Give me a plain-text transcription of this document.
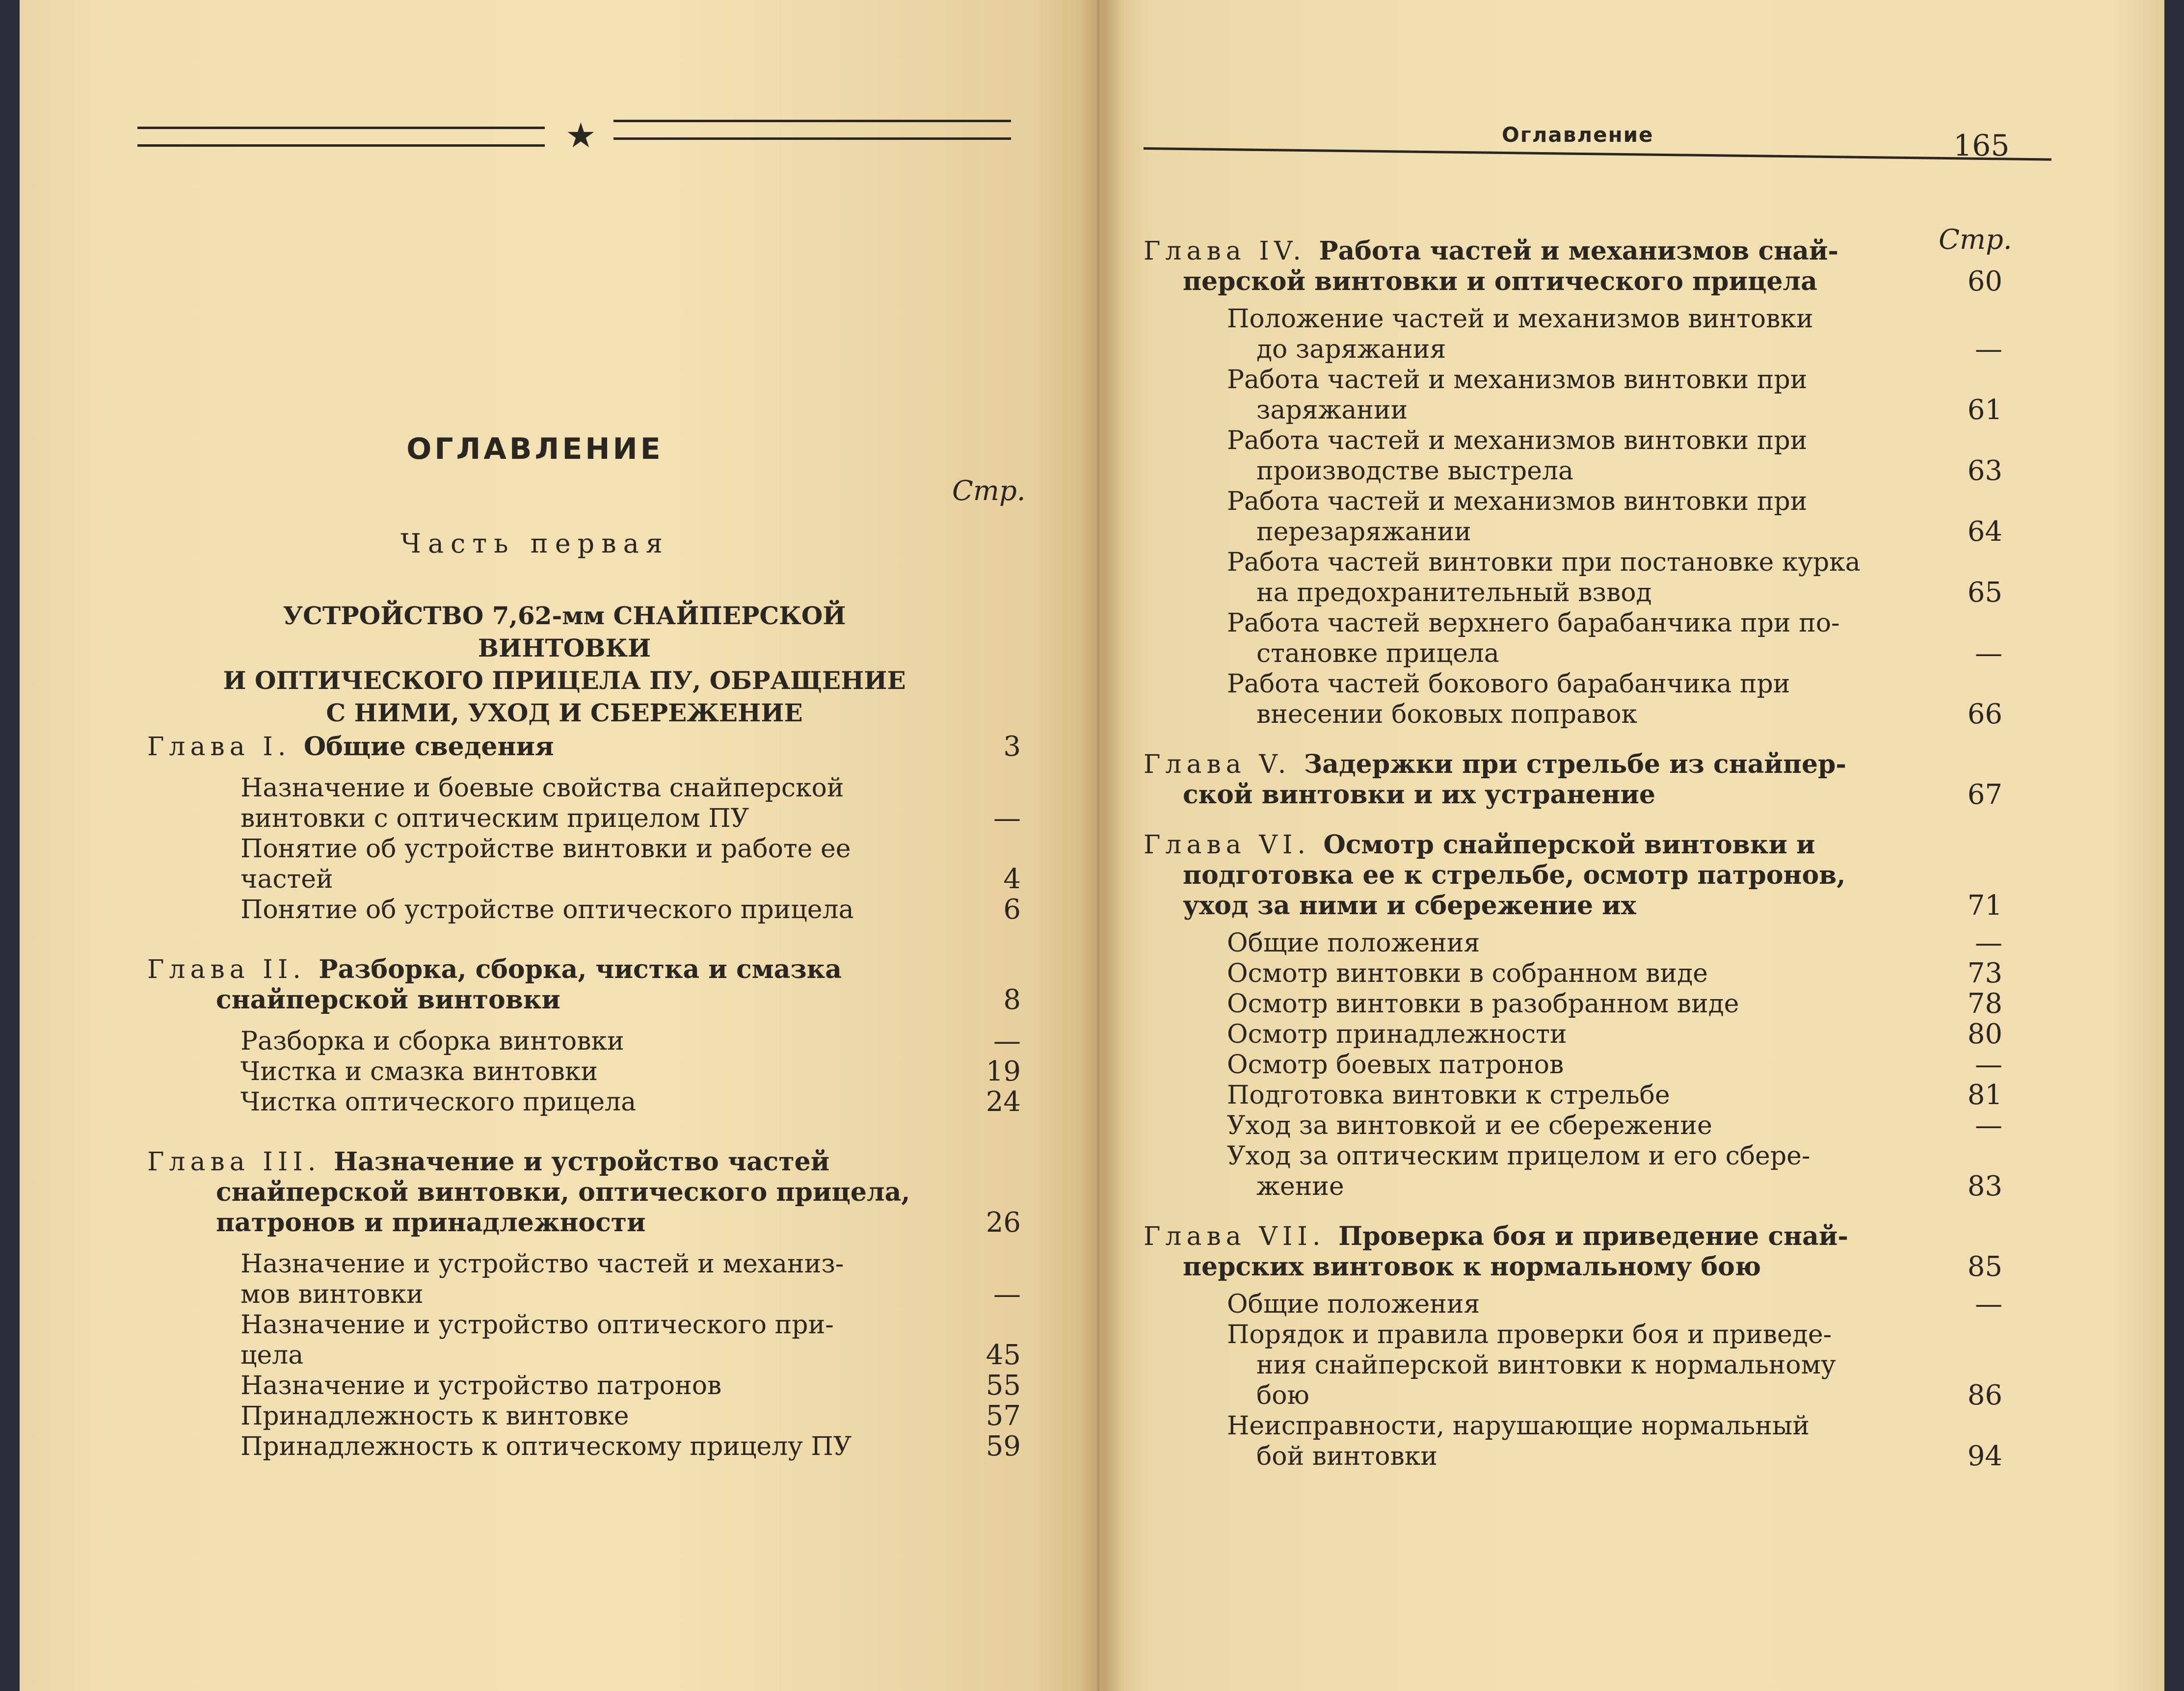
★
ОГЛАВЛЕНИЕ
Стр.
Часть первая
УСТРОЙСТВО 7,62-мм СНАЙПЕРСКОЙ ВИНТОВКИ
И ОПТИЧЕСКОГО ПРИЦЕЛА ПУ, ОБРАЩЕНИЕ
С НИМИ, УХОД И СБЕРЕЖЕНИЕ
Глава I. Общие сведения	3
Назначение и боевые свойства снайперской
винтовки с оптическим прицелом ПУ	—
Понятие об устройстве винтовки и работе ее
частей	4
Понятие об устройстве оптического прицела	6
Глава II. Разборка, сборка, чистка и смазка
снайперской винтовки	8
Разборка и сборка винтовки	—
Чистка и смазка винтовки	19
Чистка оптического прицела	24
Глава III. Назначение и устройство частей
снайперской винтовки, оптического прицела,
патронов и принадлежности	26
Назначение и устройство частей и механиз-
мов винтовки	—
Назначение и устройство оптического при-
цела	45
Назначение и устройство патронов	55
Принадлежность к винтовке	57
Принадлежность к оптическому прицелу ПУ	59
Оглавление	165
Стр.
Глава IV. Работа частей и механизмов снай-
перской винтовки и оптического прицела	60
Положение частей и механизмов винтовки
до заряжания	—
Работа частей и механизмов винтовки при
заряжании	61
Работа частей и механизмов винтовки при
производстве выстрела	63
Работа частей и механизмов винтовки при
перезаряжании	64
Работа частей винтовки при постановке курка
на предохранительный взвод	65
Работа частей верхнего барабанчика при по-
становке прицела	—
Работа частей бокового барабанчика при
внесении боковых поправок	66
Глава V. Задержки при стрельбе из снайпер-
ской винтовки и их устранение	67
Глава VI. Осмотр снайперской винтовки и
подготовка ее к стрельбе, осмотр патронов,
уход за ними и сбережение их	71
Общие положения	—
Осмотр винтовки в собранном виде	73
Осмотр винтовки в разобранном виде	78
Осмотр принадлежности	80
Осмотр боевых патронов	—
Подготовка винтовки к стрельбе	81
Уход за винтовкой и ее сбережение	—
Уход за оптическим прицелом и его сбере-
жение	83
Глава VII. Проверка боя и приведение снай-
перских винтовок к нормальному бою	85
Общие положения	—
Порядок и правила проверки боя и приведе-
ния снайперской винтовки к нормальному
бою	86
Неисправности, нарушающие нормальный
бой винтовки	94
